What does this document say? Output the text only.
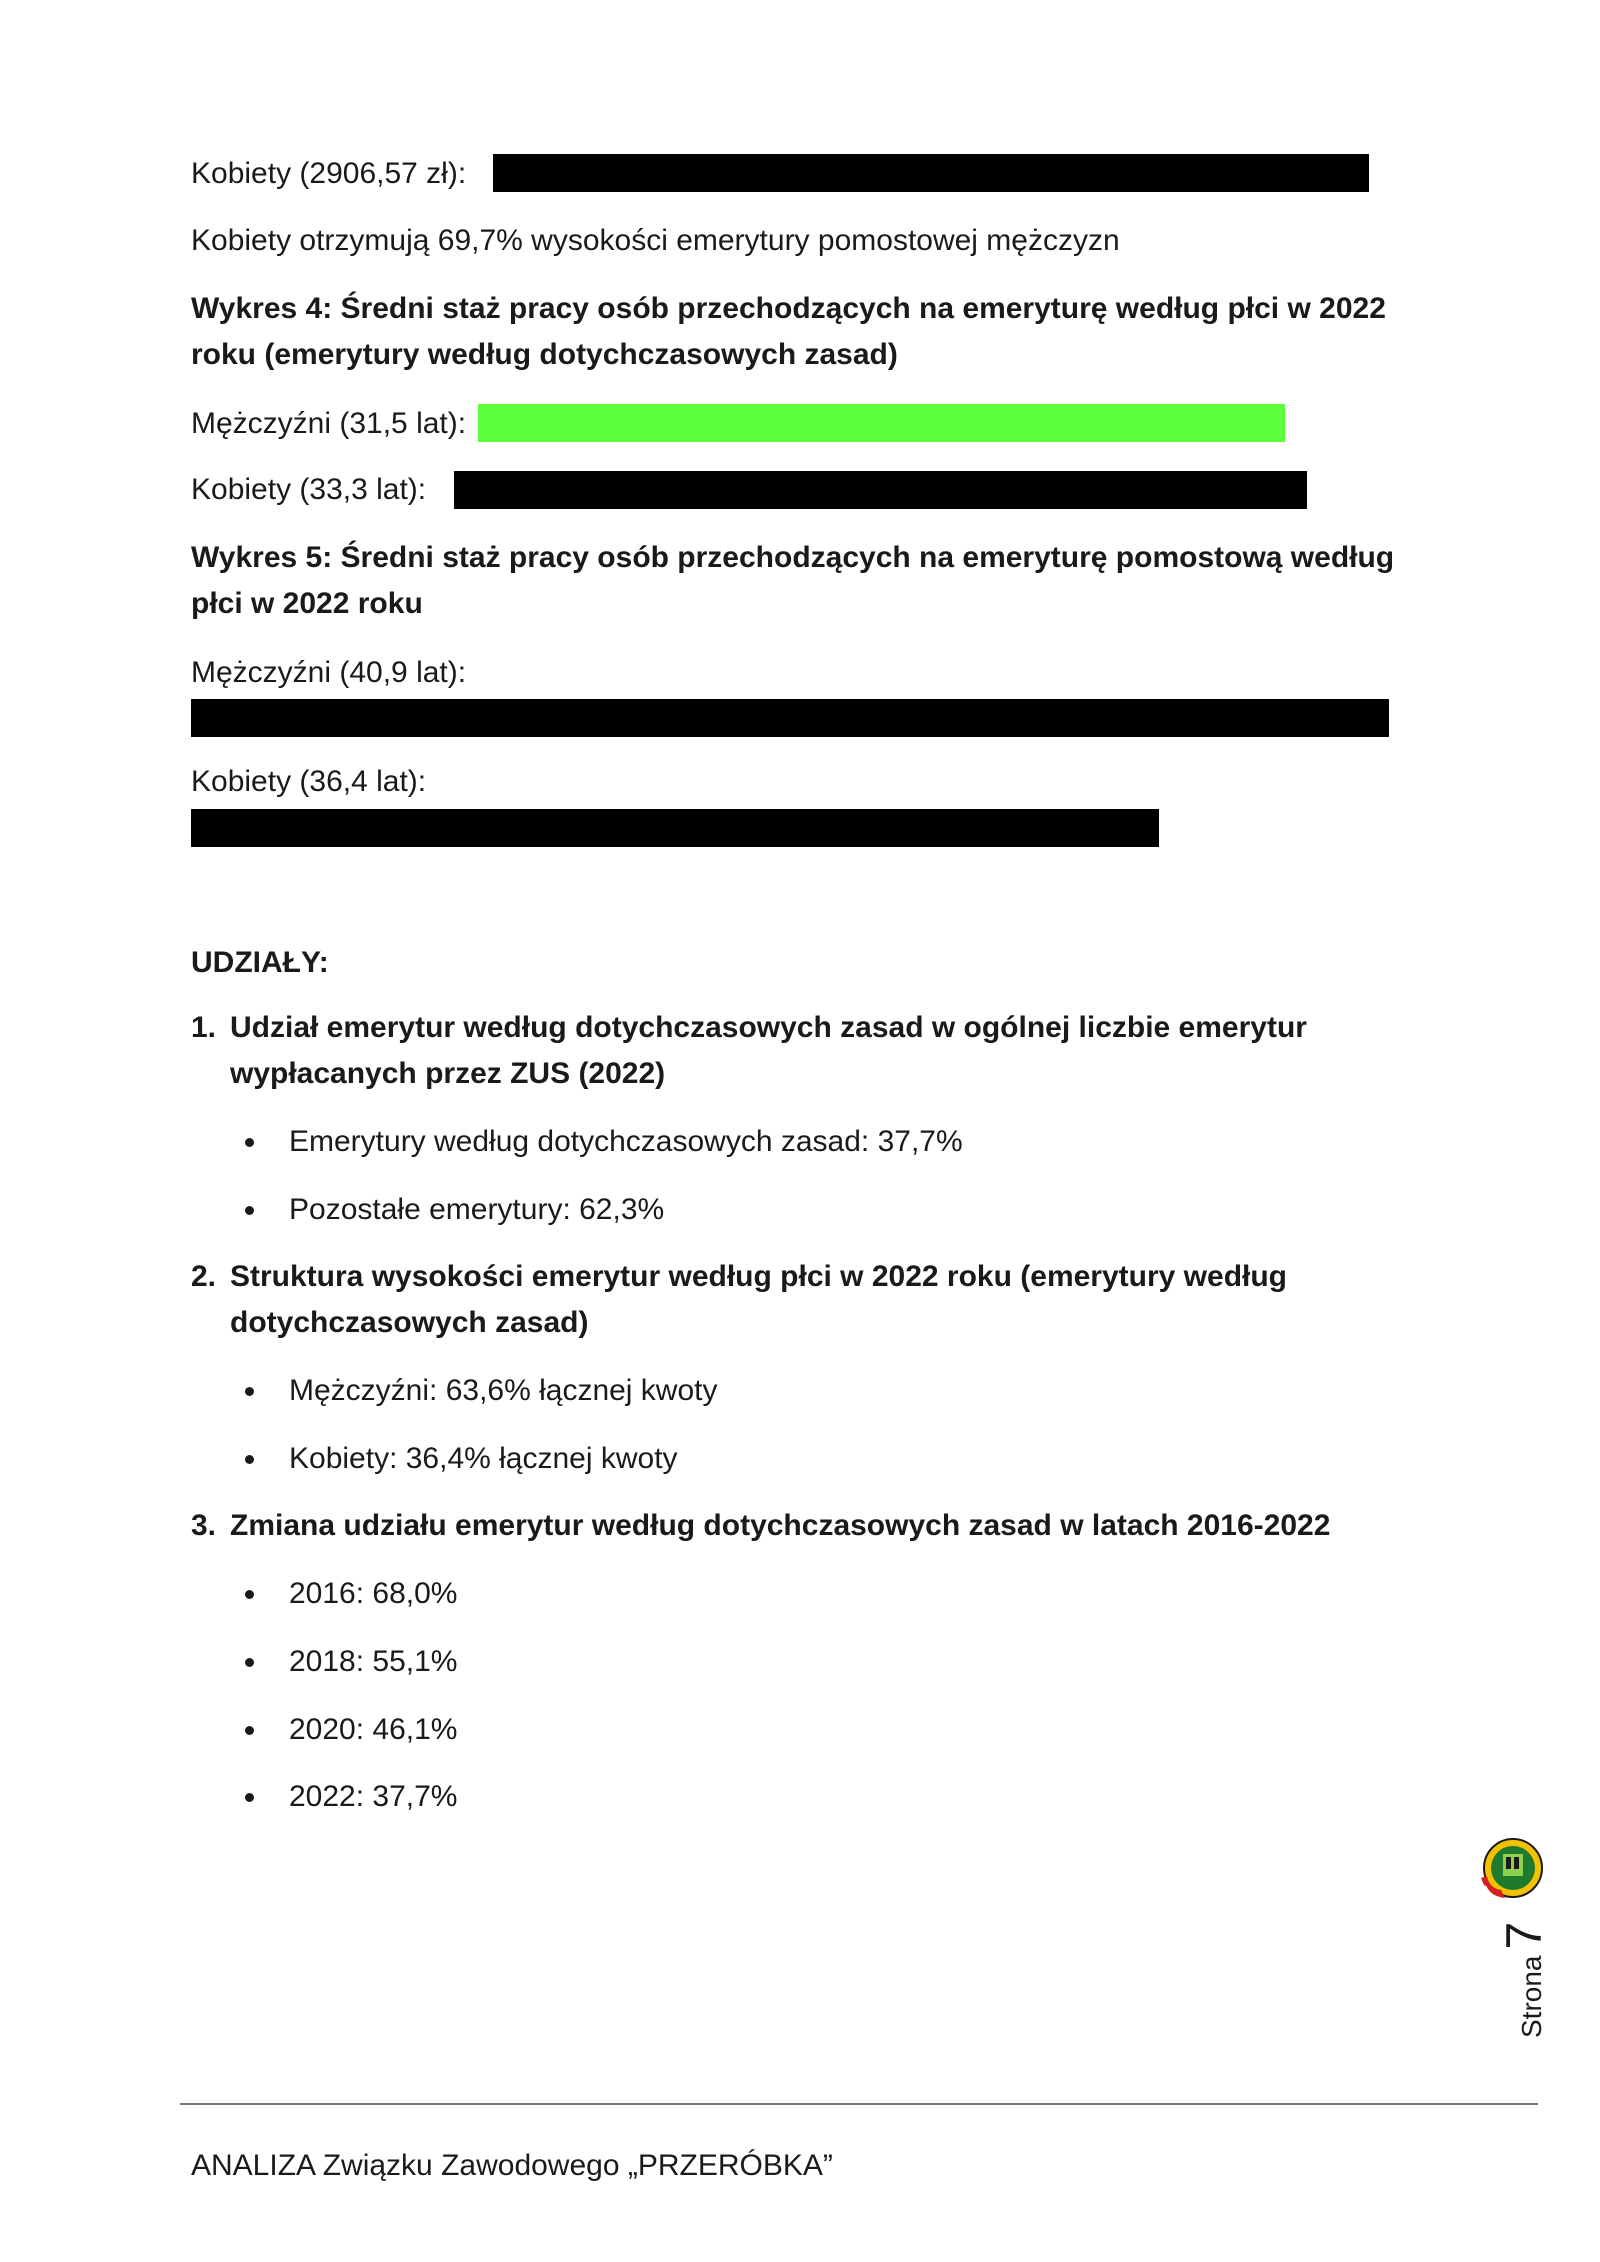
Kobiety (2906,57 zł):
Kobiety otrzymują 69,7% wysokości emerytury pomostowej mężczyzn
Wykres 4: Średni staż pracy osób przechodzących na emeryturę według płci w 2022
roku (emerytury według dotychczasowych zasad)
Mężczyźni (31,5 lat):
Kobiety (33,3 lat):
Wykres 5: Średni staż pracy osób przechodzących na emeryturę pomostową według
płci w 2022 roku
Mężczyźni (40,9 lat):
Kobiety (36,4 lat):
UDZIAŁY:
1. Udział emerytur według dotychczasowych zasad w ogólnej liczbie emerytur
wypłacanych przez ZUS (2022)
Emerytury według dotychczasowych zasad: 37,7%
Pozostałe emerytury: 62,3%
2. Struktura wysokości emerytur według płci w 2022 roku (emerytury według
dotychczasowych zasad)
Mężczyźni: 63,6% łącznej kwoty
Kobiety: 36,4% łącznej kwoty
3. Zmiana udziału emerytur według dotychczasowych zasad w latach 2016-2022
2016: 68,0%
2018: 55,1%
2020: 46,1%
2022: 37,7%
Strona
7
ANALIZA Związku Zawodowego „PRZERÓBKA”
